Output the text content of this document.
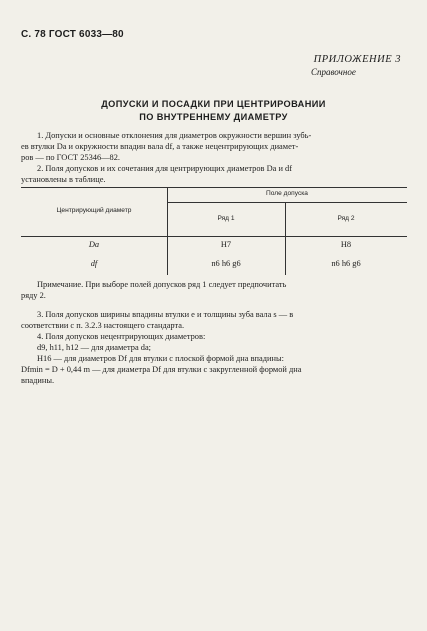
С. 78 ГОСТ 6033—80
ПРИЛОЖЕНИЕ 3
Справочное
ДОПУСКИ И ПОСАДКИ ПРИ ЦЕНТРИРОВАНИИ
ПО ВНУТРЕННЕМУ ДИАМЕТРУ
1. Допуски и основные отклонения для диаметров окружности вершин зубь-
ев втулки Dа и окружности впадин вала df, а также нецентрирующих диамет-
ров — по ГОСТ 25346—82.
2. Поля допусков и их сочетания для центрирующих диаметров Dа и df
установлены в таблице.
Центрирующий диаметр
Поле допуска
Ряд 1	Ряд 2
Dа	H7	H8
df	n6 h6 g6	n6 h6 g6
Примечание. При выборе полей допусков ряд 1 следует предпочитать
ряду 2.
3. Поля допусков ширины впадины втулки e и толщины зуба вала s — в
соответствии с п. 3.2.3 настоящего стандарта.
4. Поля допусков нецентрирующих диаметров:
d9, h11, h12 — для диаметра dа;
H16 — для диаметров Df для втулки с плоской формой дна впадины:
Dfmin = D + 0,44 m — для диаметра Df для втулки с закругленной формой дна
впадины.
